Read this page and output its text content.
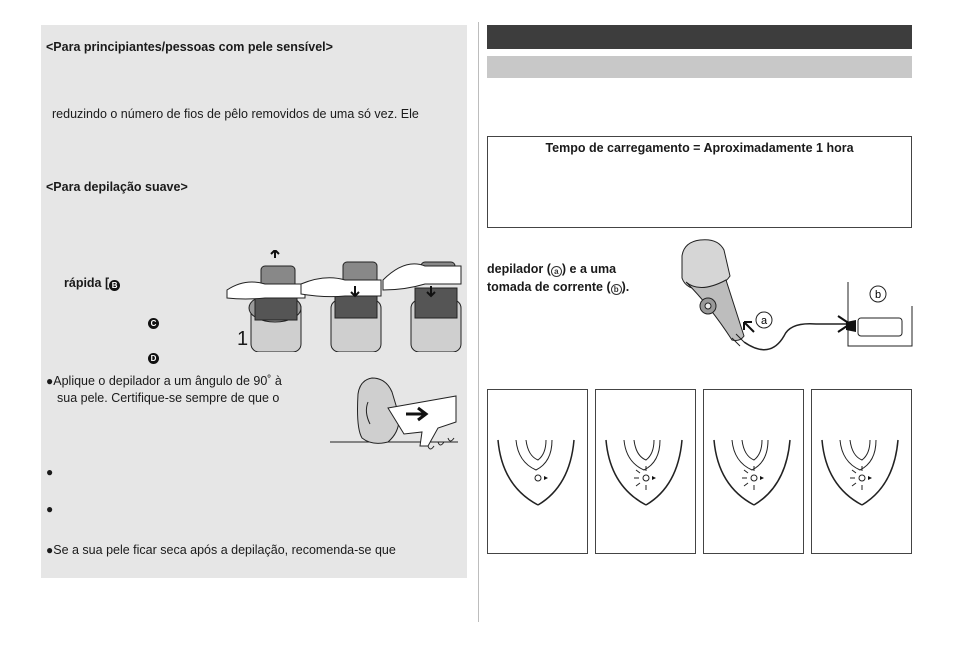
<Para principiantes/pessoas com pele sensível>
reduzindo o número de fios de pêlo removidos de uma só vez. Ele
<Para depilação suave>
rápida [ B
C
D
1
●Aplique o depilador a um ângulo de 90˚ à
sua pele. Certifique-se sempre de que o
●
●
●Se a sua pele ficar seca após a depilação, recomenda-se que
Tempo de carregamento = Aproximadamente 1 hora
depilador ( a ) e a uma
tomada de corrente ( b ).
a
b
